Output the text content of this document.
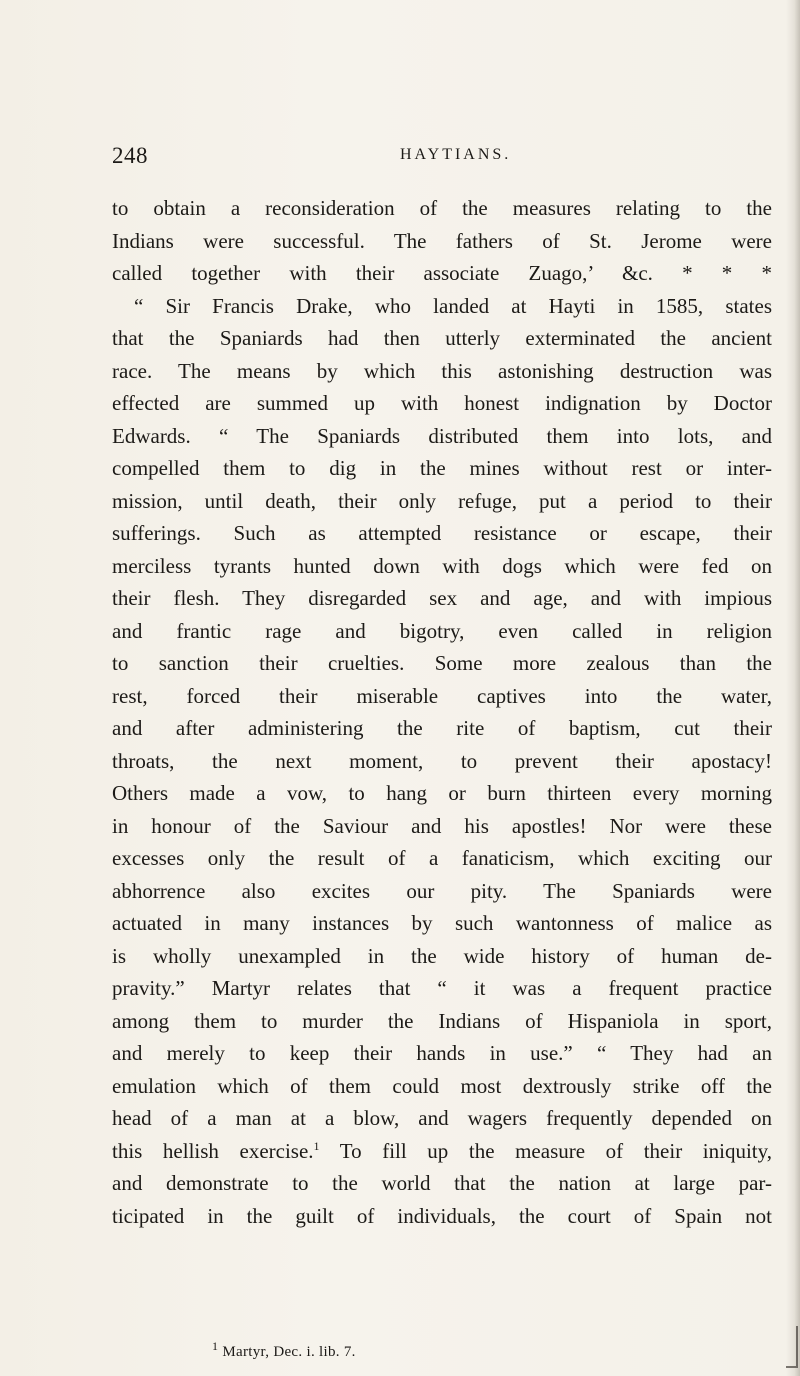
248	HAYTIANS.
to obtain a reconsideration of the measures relating to the
Indians were successful. The fathers of St. Jerome were
called together with their associate Zuago,’ &c. * * *
“ Sir Francis Drake, who landed at Hayti in 1585, states
that the Spaniards had then utterly exterminated the ancient
race. The means by which this astonishing destruction was
effected are summed up with honest indignation by Doctor
Edwards. “ The Spaniards distributed them into lots, and
compelled them to dig in the mines without rest or inter-
mission, until death, their only refuge, put a period to their
sufferings. Such as attempted resistance or escape, their
merciless tyrants hunted down with dogs which were fed on
their flesh. They disregarded sex and age, and with impious
and frantic rage and bigotry, even called in religion
to sanction their cruelties. Some more zealous than the
rest, forced their miserable captives into the water,
and after administering the rite of baptism, cut their
throats, the next moment, to prevent their apostacy!
Others made a vow, to hang or burn thirteen every morning
in honour of the Saviour and his apostles! Nor were these
excesses only the result of a fanaticism, which exciting our
abhorrence also excites our pity. The Spaniards were
actuated in many instances by such wantonness of malice as
is wholly unexampled in the wide history of human de-
pravity.” Martyr relates that “ it was a frequent practice
among them to murder the Indians of Hispaniola in sport,
and merely to keep their hands in use.” “ They had an
emulation which of them could most dextrously strike off the
head of a man at a blow, and wagers frequently depended on
this hellish exercise.$^1$ To fill up the measure of their iniquity,
and demonstrate to the world that the nation at large par-
ticipated in the guilt of individuals, the court of Spain not
$^1$ Martyr, Dec. i. lib. 7.
